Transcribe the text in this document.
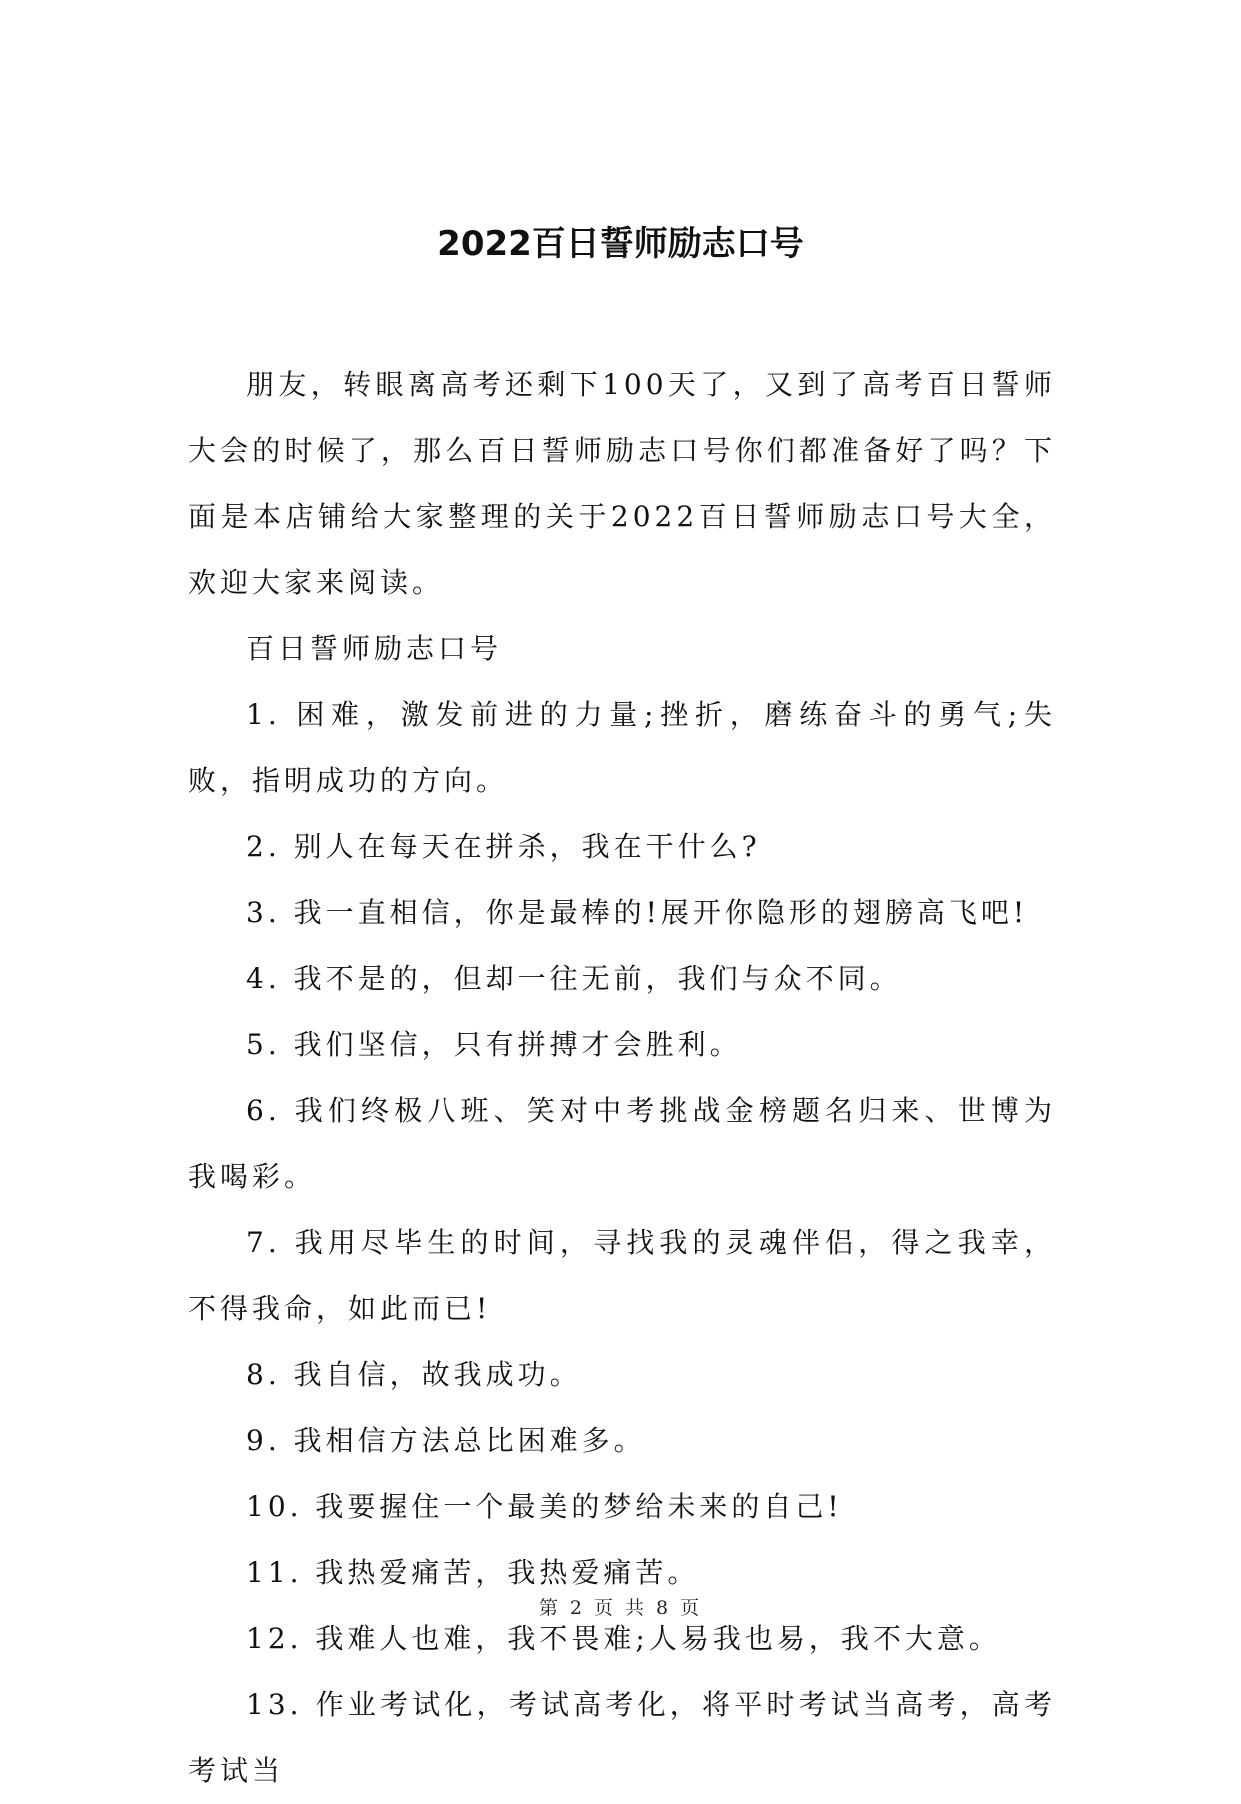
2022百日誓师励志口号

朋友，转眼离高考还剩下100天了，又到了高考百日誓师大会的时候了，那么百日誓师励志口号你们都准备好了吗？下面是本店铺给大家整理的关于2022百日誓师励志口号大全，欢迎大家来阅读。

百日誓师励志口号

1. 困难，激发前进的力量;挫折，磨练奋斗的勇气;失败，指明成功的方向。

2. 别人在每天在拼杀，我在干什么?

3. 我一直相信，你是最棒的!展开你隐形的翅膀高飞吧!

4. 我不是的，但却一往无前，我们与众不同。

5. 我们坚信，只有拼搏才会胜利。

6. 我们终极八班、笑对中考挑战金榜题名归来、世博为我喝彩。

7. 我用尽毕生的时间，寻找我的灵魂伴侣，得之我幸，不得我命，如此而已!

8. 我自信，故我成功。

9. 我相信方法总比困难多。

10. 我要握住一个最美的梦给未来的自己!

11. 我热爱痛苦，我热爱痛苦。

12. 我难人也难，我不畏难;人易我也易，我不大意。

13. 作业考试化，考试高考化，将平时考试当高考，高考考试当

第 2 页 共 8 页
